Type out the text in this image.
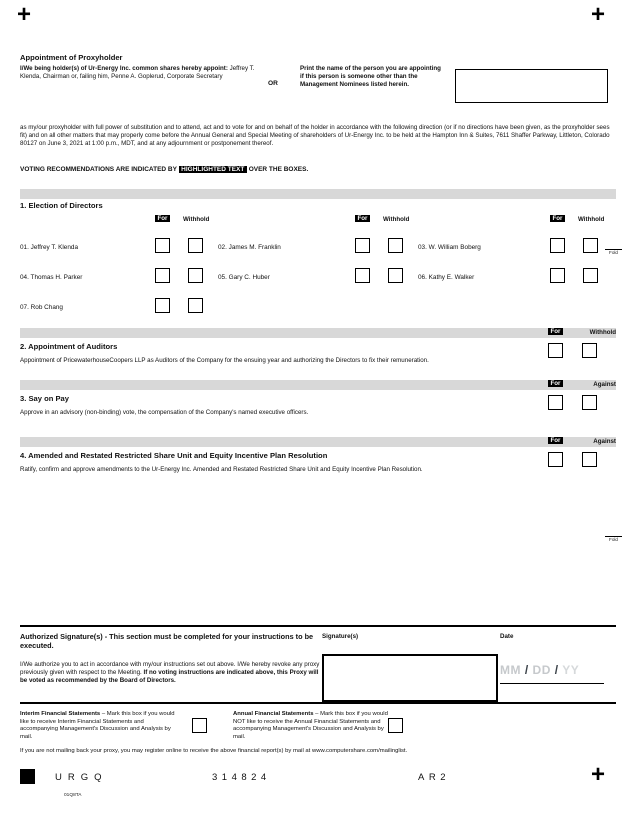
+	+
Appointment of Proxyholder
I/We being holder(s) of Ur-Energy Inc. common shares hereby appoint: Jeffrey T. Klenda, Chairman or, failing him, Penne A. Goplerud, Corporate Secretary
OR
Print the name of the person you are appointing if this person is someone other than the Management Nominees listed herein.
as my/our proxyholder with full power of substitution and to attend, act and to vote for and on behalf of the holder in accordance with the following direction (or if no directions have been given, as the proxyholder sees fit) and on all other matters that may properly come before the Annual General and Special Meeting of shareholders of Ur-Energy Inc. to be held at the Hampton Inn & Suites, 7611 Shaffer Parkway, Littleton, Colorado 80127 on June 3, 2021 at 1:00 p.m., MDT, and at any adjournment or postponement thereof.
VOTING RECOMMENDATIONS ARE INDICATED BY HIGHLIGHTED TEXT OVER THE BOXES.
1. Election of Directors
For	Withhold	For	Withhold	For	Withhold
01. Jeffrey T. Klenda	02. James M. Franklin	03. W. William Boberg
04. Thomas H. Parker	05. Gary C. Huber	06. Kathy E. Walker
07. Rob Chang
Fold
For	Withhold
2. Appointment of Auditors
Appointment of PricewaterhouseCoopers LLP as Auditors of the Company for the ensuing year and authorizing the Directors to fix their remuneration.
For	Against
3. Say on Pay
Approve in an advisory (non-binding) vote, the compensation of the Company's named executive officers.
For	Against
4. Amended and Restated Restricted Share Unit and Equity Incentive Plan Resolution
Ratify, confirm and approve amendments to the Ur-Energy Inc. Amended and Restated Restricted Share Unit and Equity Incentive Plan Resolution.
Fold
Authorized Signature(s) - This section must be completed for your instructions to be executed.
I/We authorize you to act in accordance with my/our instructions set out above. I/We hereby revoke any proxy previously given with respect to the Meeting. If no voting instructions are indicated above, this Proxy will be voted as recommended by the Board of Directors.
Signature(s)	Date
MM / DD / YY
Interim Financial Statements – Mark this box if you would like to receive Interim Financial Statements and accompanying Management's Discussion and Analysis by mail.
Annual Financial Statements – Mark this box if you would NOT like to receive the Annual Financial Statements and accompanying Management's Discussion and Analysis by mail.
If you are not mailing back your proxy, you may register online to receive the above financial report(s) by mail at www.computershare.com/mailinglist.
URGQ	314824	AR2	+
01Q8TA
